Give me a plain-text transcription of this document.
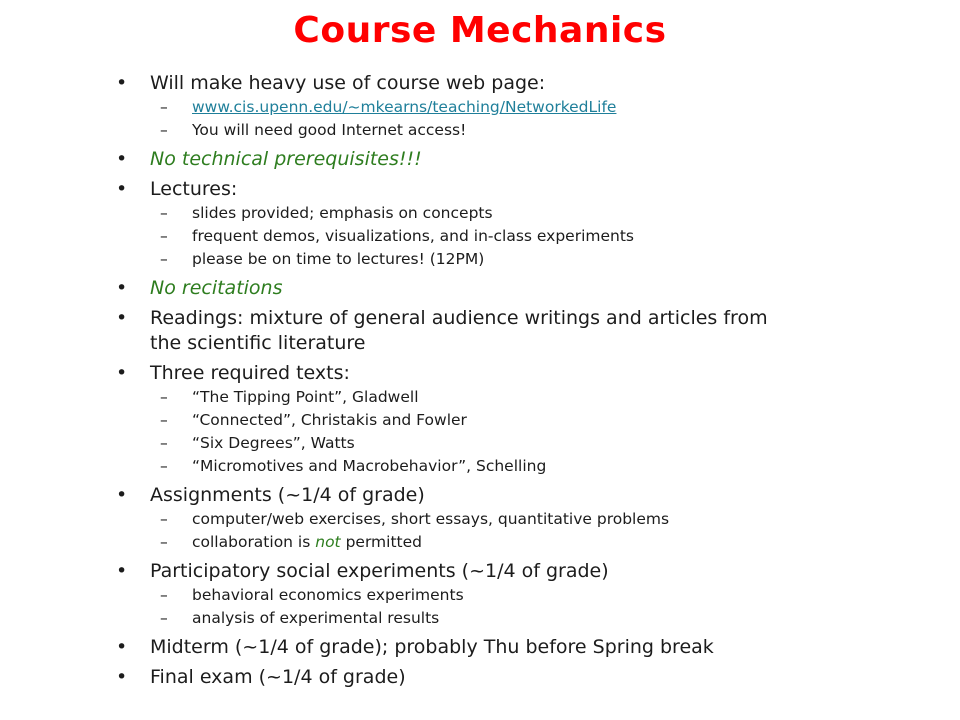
Course Mechanics
• Will make heavy use of course web page:
– www.cis.upenn.edu/~mkearns/teaching/NetworkedLife
– You will need good Internet access!
• No technical prerequisites!!!
• Lectures:
– slides provided; emphasis on concepts
– frequent demos, visualizations, and in-class experiments
– please be on time to lectures! (12PM)
• No recitations
• Readings: mixture of general audience writings and articles from
the scientific literature
• Three required texts:
– “The Tipping Point”, Gladwell
– “Connected”, Christakis and Fowler
– “Six Degrees”, Watts
– “Micromotives and Macrobehavior”, Schelling
• Assignments (~1/4 of grade)
– computer/web exercises, short essays, quantitative problems
– collaboration is not permitted
• Participatory social experiments (~1/4 of grade)
– behavioral economics experiments
– analysis of experimental results
• Midterm (~1/4 of grade); probably Thu before Spring break
• Final exam (~1/4 of grade)
